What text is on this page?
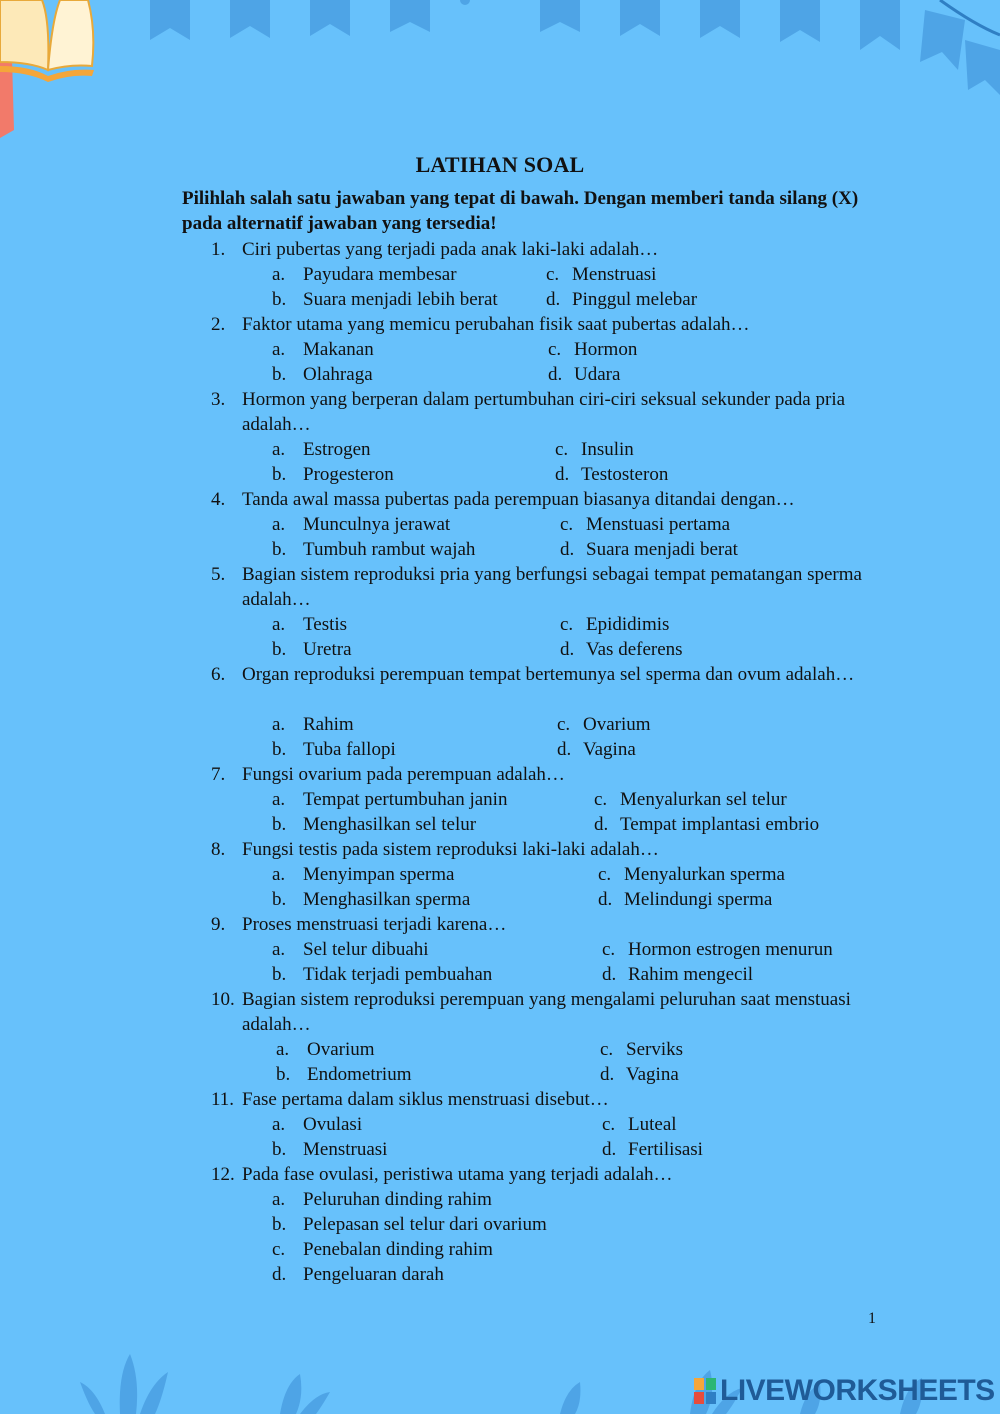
LATIHAN SOAL
Pilihlah salah satu jawaban yang tepat di bawah. Dengan memberi tanda silang (X) pada alternatif jawaban yang tersedia!
1. Ciri pubertas yang terjadi pada anak laki-laki adalah…
a. Payudara membesar	c. Menstruasi
b. Suara menjadi lebih berat	d. Pinggul melebar
2. Faktor utama yang memicu perubahan fisik saat pubertas adalah…
a. Makanan	c. Hormon
b. Olahraga	d. Udara
3. Hormon yang berperan dalam pertumbuhan ciri-ciri seksual sekunder pada pria adalah…
a. Estrogen	c. Insulin
b. Progesteron	d. Testosteron
4. Tanda awal massa pubertas pada perempuan biasanya ditandai dengan…
a. Munculnya jerawat	c. Menstuasi pertama
b. Tumbuh rambut wajah	d. Suara menjadi berat
5. Bagian sistem reproduksi pria yang berfungsi sebagai tempat pematangan sperma adalah…
a. Testis	c. Epididimis
b. Uretra	d. Vas deferens
6. Organ reproduksi perempuan tempat bertemunya sel sperma dan ovum adalah…
a. Rahim	c. Ovarium
b. Tuba fallopi	d. Vagina
7. Fungsi ovarium pada perempuan adalah…
a. Tempat pertumbuhan janin	c. Menyalurkan sel telur
b. Menghasilkan sel telur	d. Tempat implantasi embrio
8. Fungsi testis pada sistem reproduksi laki-laki adalah…
a. Menyimpan sperma	c. Menyalurkan sperma
b. Menghasilkan sperma	d. Melindungi sperma
9. Proses menstruasi terjadi karena…
a. Sel telur dibuahi	c. Hormon estrogen menurun
b. Tidak terjadi pembuahan	d. Rahim mengecil
10. Bagian sistem reproduksi perempuan yang mengalami peluruhan saat menstuasi adalah…
a. Ovarium	c. Serviks
b. Endometrium	d. Vagina
11. Fase pertama dalam siklus menstruasi disebut…
a. Ovulasi	c. Luteal
b. Menstruasi	d. Fertilisasi
12. Pada fase ovulasi, peristiwa utama yang terjadi adalah…
a. Peluruhan dinding rahim
b. Pelepasan sel telur dari ovarium
c. Penebalan dinding rahim
d. Pengeluaran darah
1
LIVEWORKSHEETS
